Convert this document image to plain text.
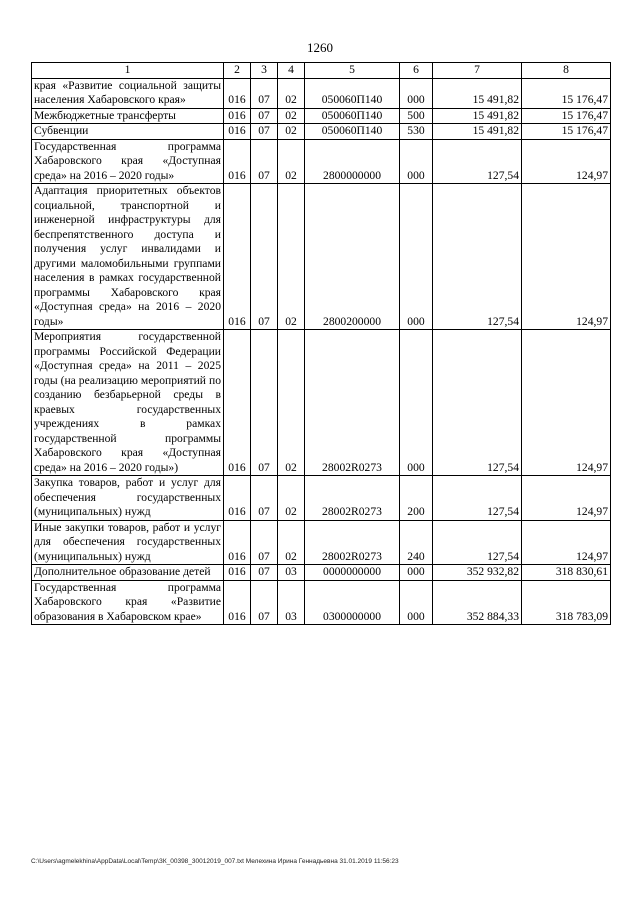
1260
1	2	3	4	5	6	7	8
края «Развитие социальной защиты населения Хабаровского края»	016	07	02	050060П140	000	15 491,82	15 176,47
Межбюджетные трансферты	016	07	02	050060П140	500	15 491,82	15 176,47
Субвенции	016	07	02	050060П140	530	15 491,82	15 176,47
Государственная программа Хабаровского края «Доступная среда» на 2016 – 2020 годы»	016	07	02	2800000000	000	127,54	124,97
Адаптация приоритетных объектов социальной, транспортной и инженерной инфраструктуры для беспрепятственного доступа и получения услуг инвалидами и другими маломобильными группами населения в рамках государственной программы Хабаровского края «Доступная среда» на 2016 – 2020 годы»	016	07	02	2800200000	000	127,54	124,97
Мероприятия государственной программы Российской Федерации «Доступная среда» на 2011 – 2025 годы (на реализацию мероприятий по созданию безбарьерной среды в краевых государственных учреждениях в рамках государственной программы Хабаровского края «Доступная среда» на 2016 – 2020 годы»)	016	07	02	28002R0273	000	127,54	124,97
Закупка товаров, работ и услуг для обеспечения государственных (муниципальных) нужд	016	07	02	28002R0273	200	127,54	124,97
Иные закупки товаров, работ и услуг для обеспечения государственных (муниципальных) нужд	016	07	02	28002R0273	240	127,54	124,97
Дополнительное образование детей	016	07	03	0000000000	000	352 932,82	318 830,61
Государственная программа Хабаровского края «Развитие образования в Хабаровском крае»	016	07	03	0300000000	000	352 884,33	318 783,09
C:\Users\agmelekhina\AppData\Local\Temp\ЗК_00398_30012019_007.txt Мелехина Ирина Геннадьевна 31.01.2019 11:56:23
